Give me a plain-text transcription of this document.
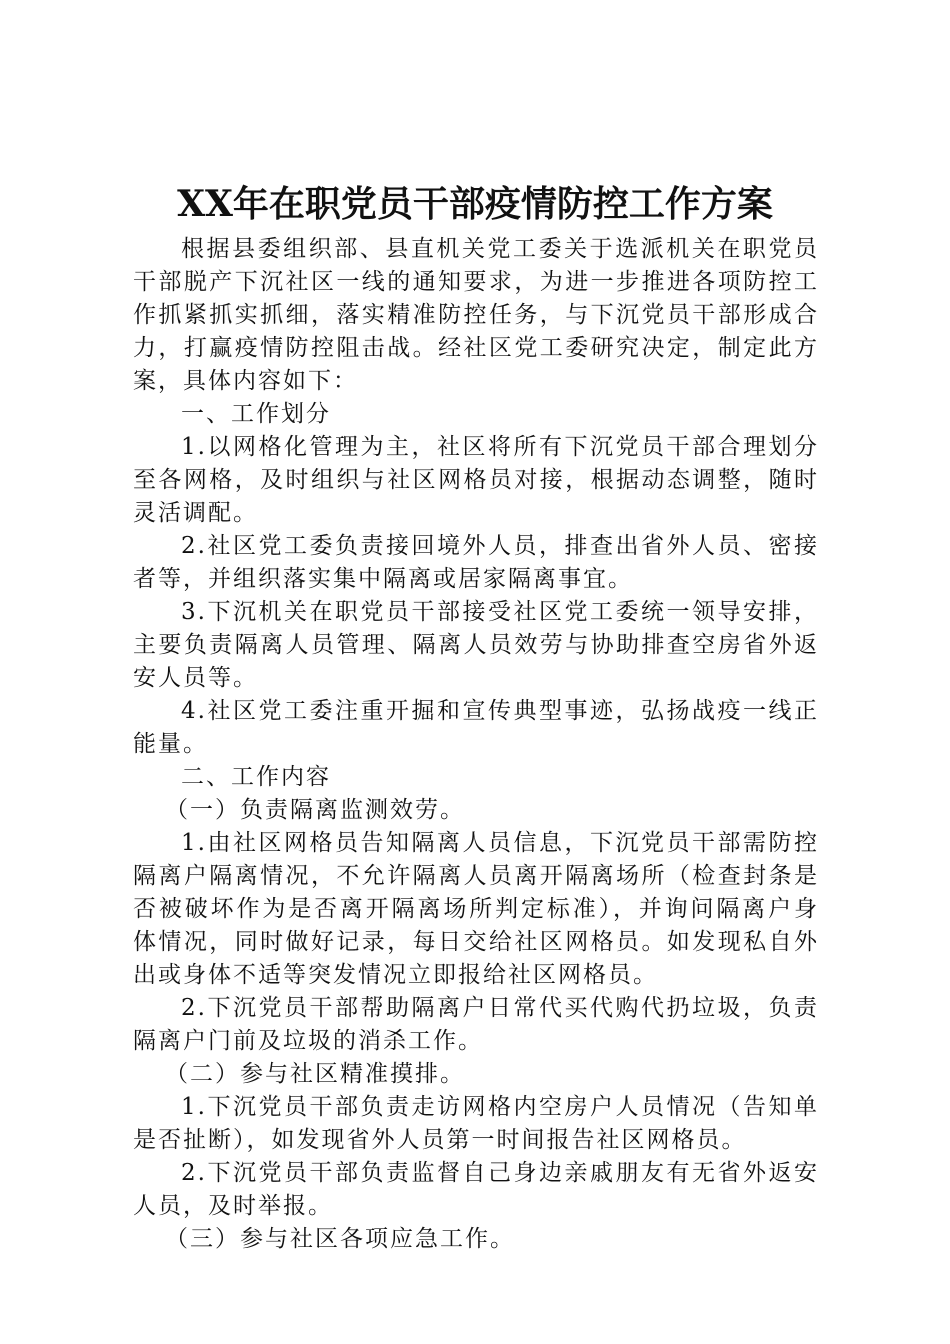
XX年在职党员干部疫情防控工作方案

根据县委组织部、县直机关党工委关于选派机关在职党员干部脱产下沉社区一线的通知要求，为进一步推进各项防控工作抓紧抓实抓细，落实精准防控任务，与下沉党员干部形成合力，打赢疫情防控阻击战。经社区党工委研究决定，制定此方案，具体内容如下：

一、工作划分

1.以网格化管理为主，社区将所有下沉党员干部合理划分至各网格，及时组织与社区网格员对接，根据动态调整，随时灵活调配。

2.社区党工委负责接回境外人员，排查出省外人员、密接者等，并组织落实集中隔离或居家隔离事宜。

3.下沉机关在职党员干部接受社区党工委统一领导安排，主要负责隔离人员管理、隔离人员效劳与协助排查空房省外返安人员等。

4.社区党工委注重开掘和宣传典型事迹，弘扬战疫一线正能量。

二、工作内容

（一）负责隔离监测效劳。

1.由社区网格员告知隔离人员信息，下沉党员干部需防控隔离户隔离情况，不允许隔离人员离开隔离场所（检查封条是否被破坏作为是否离开隔离场所判定标准），并询问隔离户身体情况，同时做好记录，每日交给社区网格员。如发现私自外出或身体不适等突发情况立即报给社区网格员。

2.下沉党员干部帮助隔离户日常代买代购代扔垃圾，负责隔离户门前及垃圾的消杀工作。

（二）参与社区精准摸排。

1.下沉党员干部负责走访网格内空房户人员情况（告知单是否扯断），如发现省外人员第一时间报告社区网格员。

2.下沉党员干部负责监督自己身边亲戚朋友有无省外返安人员，及时举报。

（三）参与社区各项应急工作。
